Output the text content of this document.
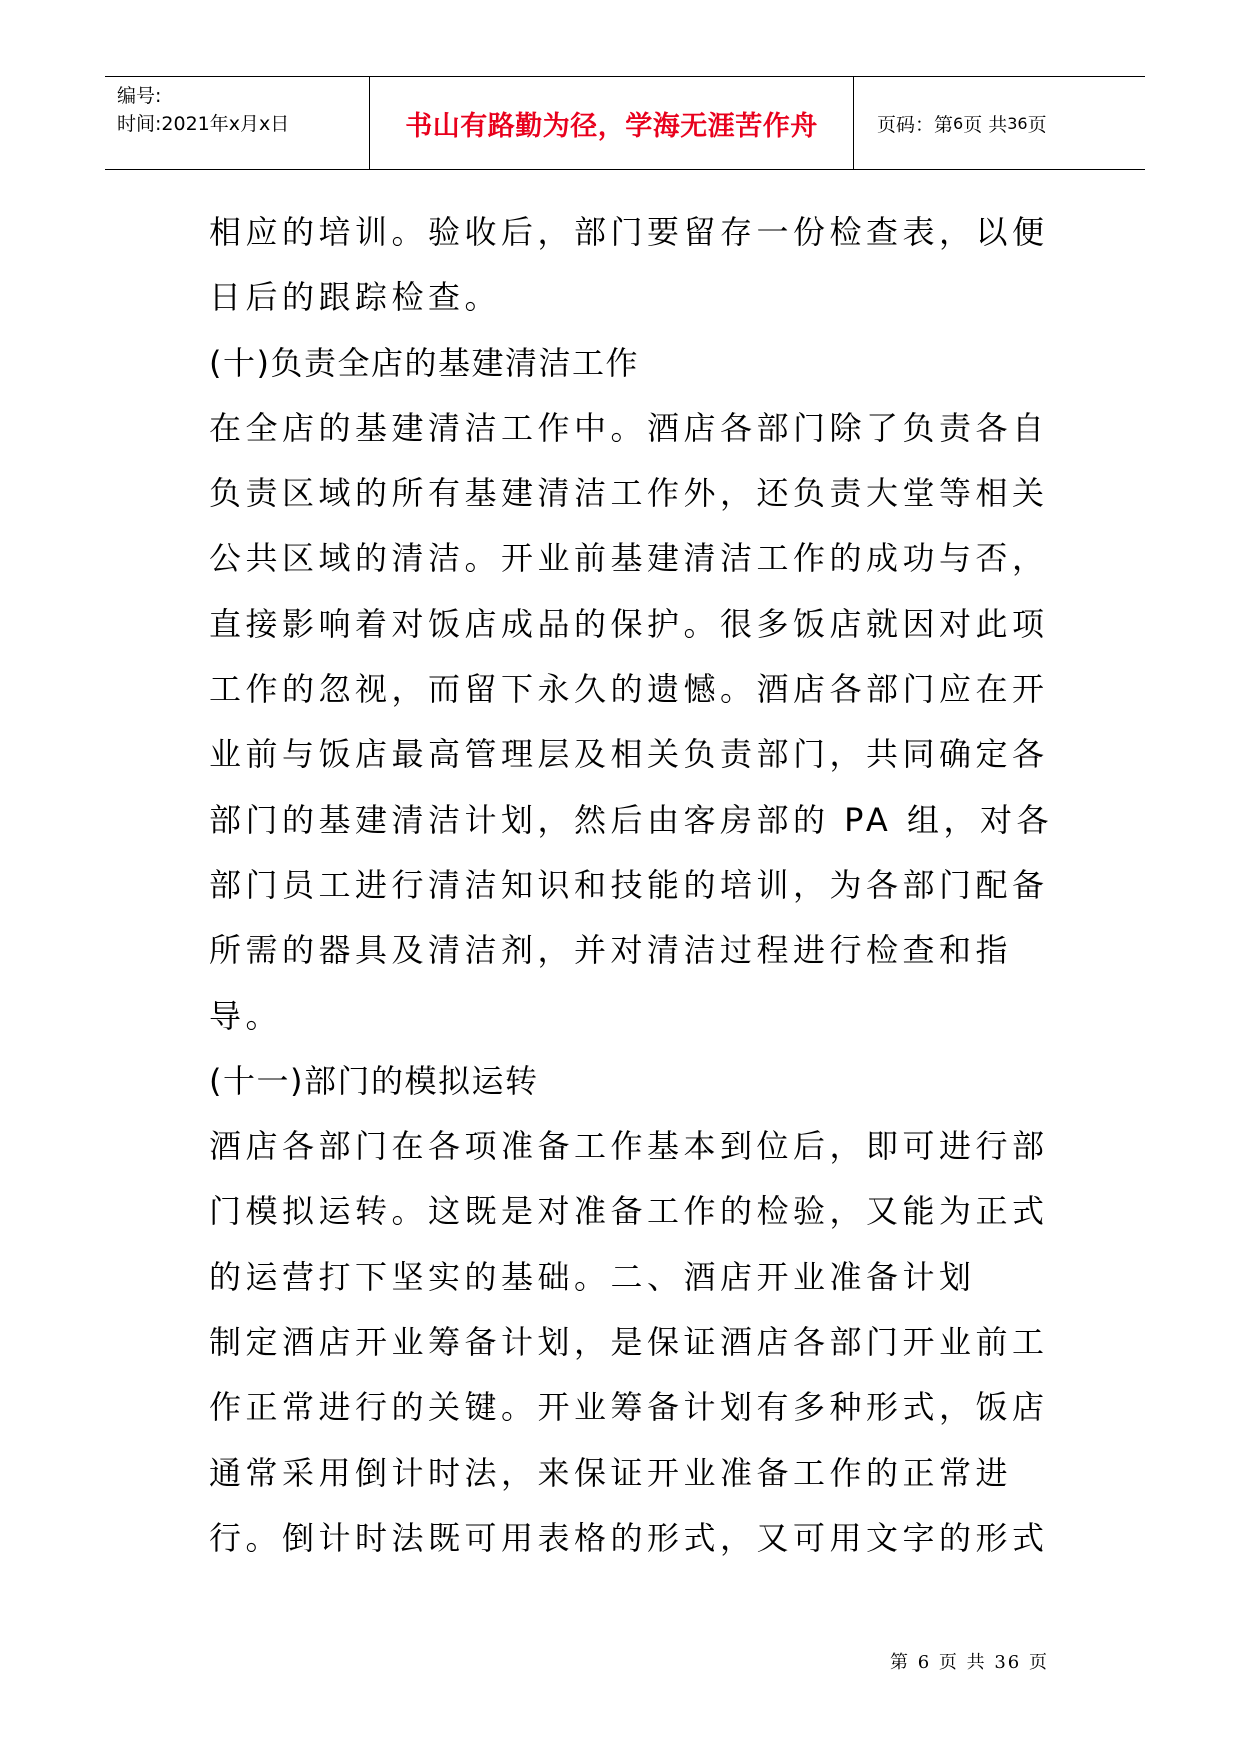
编号:
时间:2021年x月x日	书山有路勤为径，学海无涯苦作舟	页码：第 6 页 共 36 页
相应的培训。验收后，部门要留存一份检查表，以便
日后的跟踪检查。
(十)负责全店的基建清洁工作
在全店的基建清洁工作中。酒店各部门除了负责各自
负责区域的所有基建清洁工作外，还负责大堂等相关
公共区域的清洁。开业前基建清洁工作的成功与否，
直接影响着对饭店成品的保护。很多饭店就因对此项
工作的忽视，而留下永久的遗憾。酒店各部门应在开
业前与饭店最高管理层及相关负责部门，共同确定各
部门的基建清洁计划，然后由客房部的 PA 组，对各
部门员工进行清洁知识和技能的培训，为各部门配备
所需的器具及清洁剂，并对清洁过程进行检查和指
导。
(十一)部门的模拟运转
酒店各部门在各项准备工作基本到位后，即可进行部
门模拟运转。这既是对准备工作的检验，又能为正式
的运营打下坚实的基础。二、酒店开业准备计划
制定酒店开业筹备计划，是保证酒店各部门开业前工
作正常进行的关键。开业筹备计划有多种形式，饭店
通常采用倒计时法，来保证开业准备工作的正常进
行。倒计时法既可用表格的形式，又可用文字的形式
第 6 页 共 36 页
